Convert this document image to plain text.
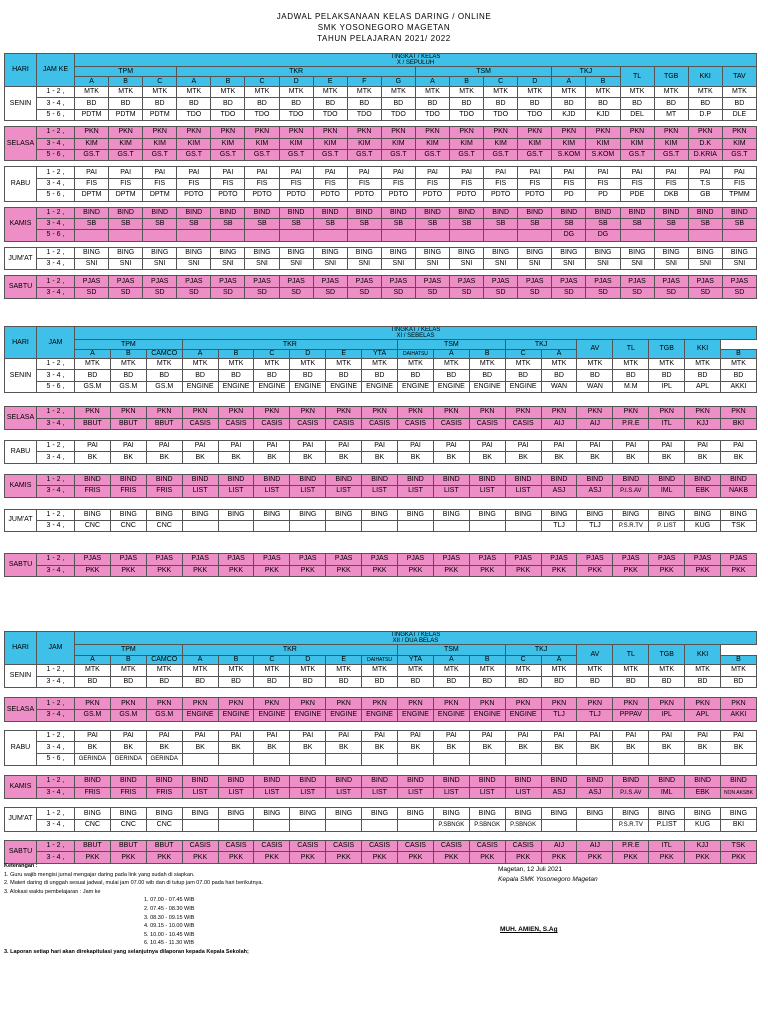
JADWAL PELAKSANAAN KELAS DARING / ONLINE
SMK YOSONEGORO MAGETAN
TAHUN PELAJARAN 2021/ 2022
HARI	JAM KE	TINGKAT / KELAS
X / SEPULUH																			

		TPM			TKR							TSM				TKJ		TL	TGB	KKI	TAV
		A	B	C	A	B	C	D	E	F	G	A	B	C	D	A	B				
SENIN	1 - 2 ,	MTK	MTK	MTK	MTK	MTK	MTK	MTK	MTK	MTK	MTK	MTK	MTK	MTK	MTK	MTK	MTK	MTK	MTK	MTK	MTK
	3 - 4 ,	BD	BD	BD	BD	BD	BD	BD	BD	BD	BD	BD	BD	BD	BD	BD	BD	BD	BD	BD	BD
	5 - 6 ,	PDTM	PDTM	PDTM	TDO	TDO	TDO	TDO	TDO	TDO	TDO	TDO	TDO	TDO	TDO	KJD	KJD	DEL	MT	D.P	DLE

SELASA	1 - 2 ,	PKN	PKN	PKN	PKN	PKN	PKN	PKN	PKN	PKN	PKN	PKN	PKN	PKN	PKN	PKN	PKN	PKN	PKN	PKN	PKN
	3 - 4 ,	KIM	KIM	KIM	KIM	KIM	KIM	KIM	KIM	KIM	KIM	KIM	KIM	KIM	KIM	KIM	KIM	KIM	KIM	D.K	KIM
	5 - 6 ,	GS.T	GS.T	GS.T	GS.T	GS.T	GS.T	GS.T	GS.T	GS.T	GS.T	GS.T	GS.T	GS.T	GS.T	S.KOM	S.KOM	GS.T	GS.T	D.KRIA	GS.T

RABU	1 - 2 ,	PAI	PAI	PAI	PAI	PAI	PAI	PAI	PAI	PAI	PAI	PAI	PAI	PAI	PAI	PAI	PAI	PAI	PAI	PAI	PAI
	3 - 4 ,	FIS	FIS	FIS	FIS	FIS	FIS	FIS	FIS	FIS	FIS	FIS	FIS	FIS	FIS	FIS	FIS	FIS	FIS	T.S	FIS
	5 - 6 ,	DPTM	DPTM	DPTM	PDTO	PDTO	PDTO	PDTO	PDTO	PDTO	PDTO	PDTO	PDTO	PDTO	PDTO	PD	PD	PDE	DKB	GB	TPMM

KAMIS	1 - 2 ,	BIND	BIND	BIND	BIND	BIND	BIND	BIND	BIND	BIND	BIND	BIND	BIND	BIND	BIND	BIND	BIND	BIND	BIND	BIND	BIND
	3 - 4 ,	SB	SB	SB	SB	SB	SB	SB	SB	SB	SB	SB	SB	SB	SB	SB	SB	SB	SB	SB	SB
	5 - 6 ,															DG	DG				

JUM'AT	1 - 2 ,	BING	BING	BING	BING	BING	BING	BING	BING	BING	BING	BING	BING	BING	BING	BING	BING	BING	BING	BING	BING
	3 - 4 ,	SNI	SNI	SNI	SNI	SNI	SNI	SNI	SNI	SNI	SNI	SNI	SNI	SNI	SNI	SNI	SNI	SNI	SNI	SNI	SNI

SABTU	1 - 2 ,	PJAS	PJAS	PJAS	PJAS	PJAS	PJAS	PJAS	PJAS	PJAS	PJAS	PJAS	PJAS	PJAS	PJAS	PJAS	PJAS	PJAS	PJAS	PJAS	PJAS
	3 - 4 ,	SD	SD	SD	SD	SD	SD	SD	SD	SD	SD	SD	SD	SD	SD	SD	SD	SD	SD	SD	SD
HARI	JAM	TINGKAT / KELAS
XI / SEBELAS																		

		TPM			TKR						TSM			TKJ		AV	TL	TGB	KKI	
		A	B	CAMCO	A	B	C	D	E	YTA	DAIHATSU	A	B	C	A					B
SENIN	1 - 2 ,	MTK	MTK	MTK	MTK	MTK	MTK	MTK	MTK	MTK	MTK	MTK	MTK	MTK	MTK	MTK	MTK	MTK	MTK	MTK
	3 - 4 ,	BD	BD	BD	BD	BD	BD	BD	BD	BD	BD	BD	BD	BD	BD	BD	BD	BD	BD	BD
	5 - 6 ,	GS.M	GS.M	GS.M	ENGINE	ENGINE	ENGINE	ENGINE	ENGINE	ENGINE	ENGINE	ENGINE	ENGINE	ENGINE	WAN	WAN	M.M	IPL	APL	AKKI

SELASA	1 - 2 ,	PKN	PKN	PKN	PKN	PKN	PKN	PKN	PKN	PKN	PKN	PKN	PKN	PKN	PKN	PKN	PKN	PKN	PKN	PKN
	3 - 4 ,	BBUT	BBUT	BBUT	CASIS	CASIS	CASIS	CASIS	CASIS	CASIS	CASIS	CASIS	CASIS	CASIS	AIJ	AIJ	P.R.E	ITL	KJJ	BKI

RABU	1 - 2 ,	PAI	PAI	PAI	PAI	PAI	PAI	PAI	PAI	PAI	PAI	PAI	PAI	PAI	PAI	PAI	PAI	PAI	PAI	PAI
	3 - 4 ,	BK	BK	BK	BK	BK	BK	BK	BK	BK	BK	BK	BK	BK	BK	BK	BK	BK	BK	BK

KAMIS	1 - 2 ,	BIND	BIND	BIND	BIND	BIND	BIND	BIND	BIND	BIND	BIND	BIND	BIND	BIND	BIND	BIND	BIND	BIND	BIND	BIND
	3 - 4 ,	FRIS	FRIS	FRIS	LIST	LIST	LIST	LIST	LIST	LIST	LIST	LIST	LIST	LIST	ASJ	ASJ	P.I.S.AV	IML	EBK	NAKB

JUM'AT	1 - 2 ,	BING	BING	BING	BING	BING	BING	BING	BING	BING	BING	BING	BING	BING	BING	BING	BING	BING	BING	BING
	3 - 4 ,	CNC	CNC	CNC											TLJ	TLJ	P.S.R.TV	P. LIST	KUG	TSK

SABTU	1 - 2 ,	PJAS	PJAS	PJAS	PJAS	PJAS	PJAS	PJAS	PJAS	PJAS	PJAS	PJAS	PJAS	PJAS	PJAS	PJAS	PJAS	PJAS	PJAS	PJAS
	3 - 4 ,	PKK	PKK	PKK	PKK	PKK	PKK	PKK	PKK	PKK	PKK	PKK	PKK	PKK	PKK	PKK	PKK	PKK	PKK	PKK
HARI	JAM	TINGKAT / KELAS
XII / DUA BELAS																		

		TPM			TKR						TSM			TKJ		AV	TL	TGB	KKI	
		A	B	CAMCO	A	B	C	D	E	DAIHATSU	YTA	A	B	C	A					B
SENIN	1 - 2 ,	MTK	MTK	MTK	MTK	MTK	MTK	MTK	MTK	MTK	MTK	MTK	MTK	MTK	MTK	MTK	MTK	MTK	MTK	MTK
	3 - 4 ,	BD	BD	BD	BD	BD	BD	BD	BD	BD	BD	BD	BD	BD	BD	BD	BD	BD	BD	BD

SELASA	1 - 2 ,	PKN	PKN	PKN	PKN	PKN	PKN	PKN	PKN	PKN	PKN	PKN	PKN	PKN	PKN	PKN	PKN	PKN	PKN	PKN
	3 - 4 ,	GS.M	GS.M	GS.M	ENGINE	ENGINE	ENGINE	ENGINE	ENGINE	ENGINE	ENGINE	ENGINE	ENGINE	ENGINE	TLJ	TLJ	PPPAV	IPL	APL	AKKI

RABU	1 - 2 ,	PAI	PAI	PAI	PAI	PAI	PAI	PAI	PAI	PAI	PAI	PAI	PAI	PAI	PAI	PAI	PAI	PAI	PAI	PAI
	3 - 4 ,	BK	BK	BK	BK	BK	BK	BK	BK	BK	BK	BK	BK	BK	BK	BK	BK	BK	BK	BK
	5 - 6 ,	GERINDA	GERINDA	GERINDA																

KAMIS	1 - 2 ,	BIND	BIND	BIND	BIND	BIND	BIND	BIND	BIND	BIND	BIND	BIND	BIND	BIND	BIND	BIND	BIND	BIND	BIND	BIND
	3 - 4 ,	FRIS	FRIS	FRIS	LIST	LIST	LIST	LIST	LIST	LIST	LIST	LIST	LIST	LIST	ASJ	ASJ	P.I.S.AV	IML	EBK	NON AKSBK

JUM'AT	1 - 2 ,	BING	BING	BING	BING	BING	BING	BING	BING	BING	BING	BING	BING	BING	BING	BING	BING	BING	BING	BING
	3 - 4 ,	CNC	CNC	CNC								P.SBNGK	P.SBNGK	P.SBNGK			P.S.R.TV	P.LIST	KUG	BKI

SABTU	1 - 2 ,	BBUT	BBUT	BBUT	CASIS	CASIS	CASIS	CASIS	CASIS	CASIS	CASIS	CASIS	CASIS	CASIS	AIJ	AIJ	P.R.E	ITL	KJJ	TSK
	3 - 4 ,	PKK	PKK	PKK	PKK	PKK	PKK	PKK	PKK	PKK	PKK	PKK	PKK	PKK	PKK	PKK	PKK	PKK	PKK	PKK
Keterangan :
1. Guru wajib mengisi jurnal mengajar daring pada link yang sudah di siapkan.
2. Materi daring di unggah sesuai jadwal, mulai jam 07.00 wib dan di tutup jam 07.00 pada hari berikutnya.
3. Alokasi waktu pembelajaran : Jam ke
1. 07.00 - 07.45 WIB
2. 07.45 - 08.30 WIB
3. 08.30 - 09.15 WIB
4. 09.15 - 10.00 WIB
5. 10.00 - 10.45 WIB
6. 10.45 - 11.30 WIB
3. Laporan setiap hari akan direkapitulasi yang selanjutnya dilaporan kepada Kepala Sekolah;
Magetan, 12 Juli 2021
Kepala SMK Yosonegoro Magetan
MUH. AMIEN, S.Ag
